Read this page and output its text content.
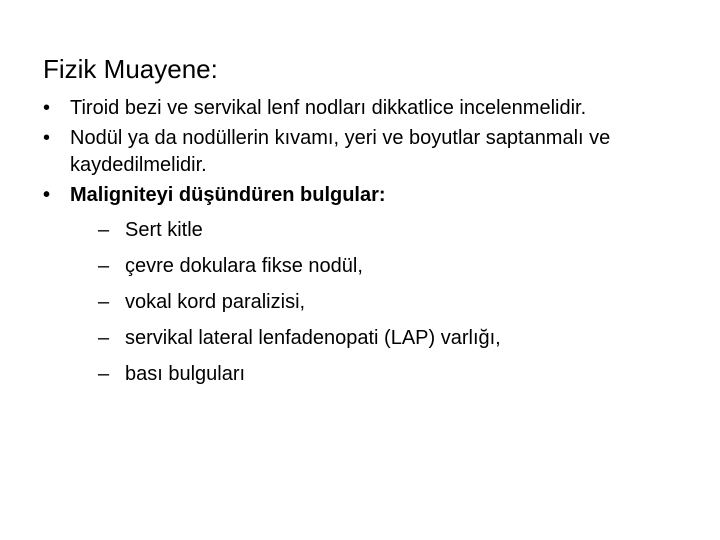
Fizik Muayene:
• Tiroid bezi ve servikal lenf nodları dikkatlice incelenmelidir.
• Nodül ya da nodüllerin kıvamı, yeri ve boyutlar saptanmalı ve kaydedilmelidir.
• Maligniteyi düşündüren bulgular:
– Sert kitle
– çevre dokulara fikse nodül,
– vokal kord paralizisi,
– servikal lateral lenfadenopati (LAP) varlığı,
– bası bulguları
